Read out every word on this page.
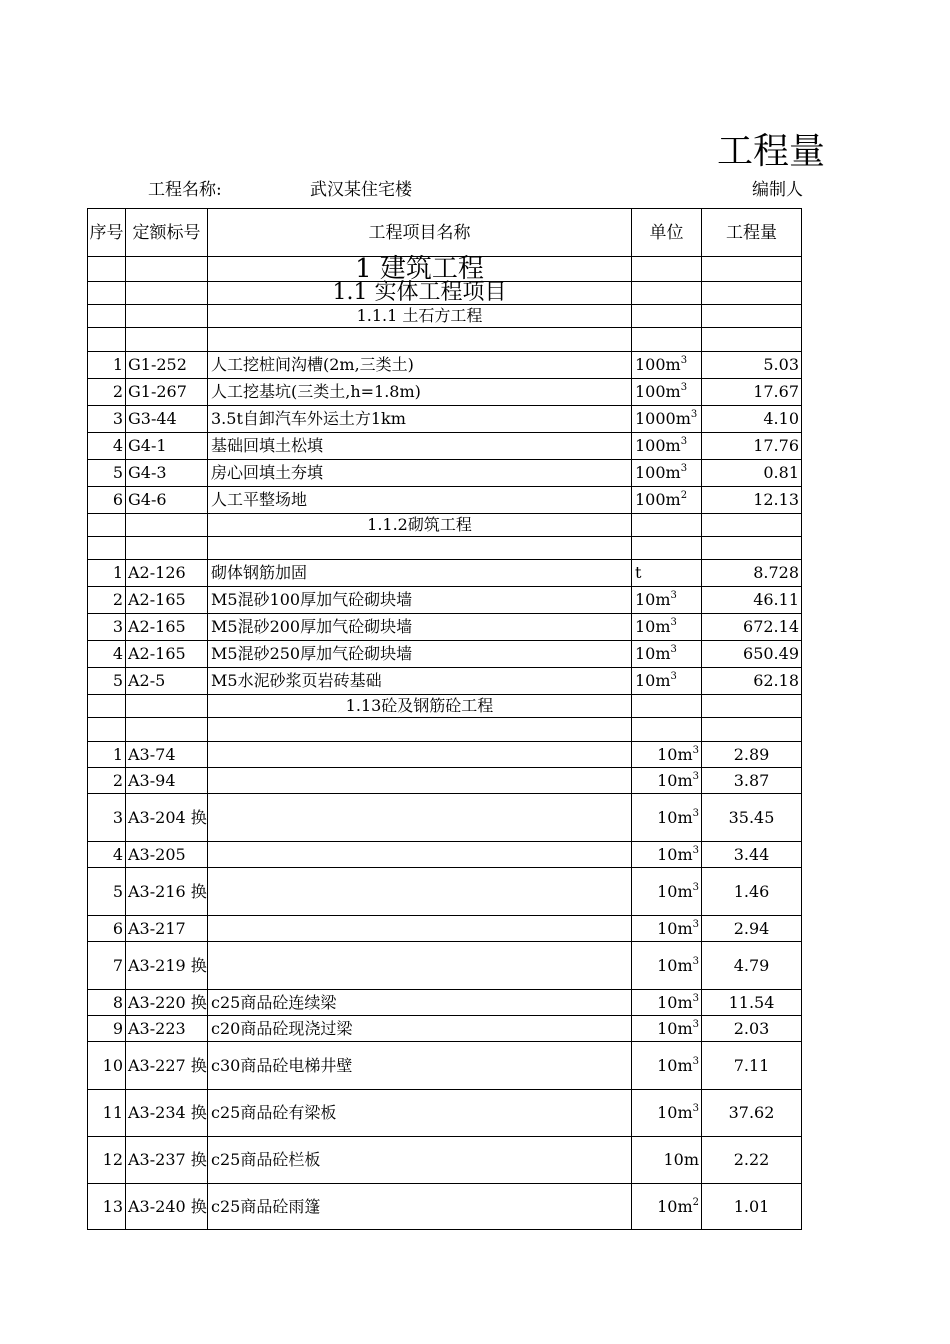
工程量
工程名称:	武汉某住宅楼	编制人
序号	定额标号	工程项目名称	单位	工程量
		1 建筑工程		
		1.1 实体工程项目		
		1.1.1 土石方工程		

1	G1-252	人工挖桩间沟槽(2m,三类土)	$100m^3$	5.03
2	G1-267	人工挖基坑(三类土,h=1.8m)	$100m^3$	17.67
3	G3-44	3.5t自卸汽车外运土方1km	$1000m^3$	4.10
4	G4-1	基础回填土松填	$100m^3$	17.76
5	G4-3	房心回填土夯填	$100m^3$	0.81
6	G4-6	人工平整场地	$100m^2$	12.13
		1.1.2砌筑工程		

1	A2-126	砌体钢筋加固	t	8.728
2	A2-165	M5混砂100厚加气砼砌块墙	$10m^3$	46.11
3	A2-165	M5混砂200厚加气砼砌块墙	$10m^3$	672.14
4	A2-165	M5混砂250厚加气砼砌块墙	$10m^3$	650.49
5	A2-5	M5水泥砂浆页岩砖基础	$10m^3$	62.18
		1.13砼及钢筋砼工程		

1	A3-74		$10m^3$	2.89
2	A3-94		$10m^3$	3.87
3	A3-204 换		$10m^3$	35.45
4	A3-205		$10m^3$	3.44
5	A3-216 换		$10m^3$	1.46
6	A3-217		$10m^3$	2.94
7	A3-219 换		$10m^3$	4.79
8	A3-220 换	c25商品砼连续梁	$10m^3$	11.54
9	A3-223	c20商品砼现浇过梁	$10m^3$	2.03
10	A3-227 换	c30商品砼电梯井壁	$10m^3$	7.11
11	A3-234 换	c25商品砼有梁板	$10m^3$	37.62
12	A3-237 换	c25商品砼栏板	10m	2.22
13	A3-240 换	c25商品砼雨篷	$10m^2$	1.01
